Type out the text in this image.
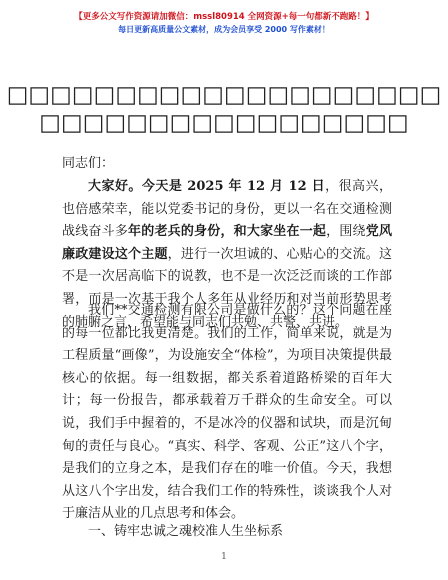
【更多公文写作资源请加微信：mssl80914 全网资源+每一句都新不跑路！】
每日更新高质量公文素材，成为会员享受 2000 写作素材！
□□□□□□□□□□□□□□□□□□□□
□□□□□□□□□□□□□□□□□
同志们：
大家好。今天是 2025 年 12 月 12 日，很高兴，也倍感荣幸，能以党委书记的身份，更以一名在交通检测战线奋斗多年的老兵的身份，和大家坐在一起，围绕党风廉政建设这个主题，进行一次坦诚的、心贴心的交流。这不是一次居高临下的说教，也不是一次泛泛而谈的工作部署，而是一次基于我个人多年从业经历和对当前形势思考的肺腑之言，希望能与同志们共勉、共警、共进。
我们**交通检测有限公司是做什么的？这个问题在座的每一位都比我更清楚。我们的工作，简单来说，就是为工程质量“画像”，为设施安全“体检”，为项目决策提供最核心的依据。每一组数据，都关系着道路桥梁的百年大计；每一份报告，都承载着万千群众的生命安全。可以说，我们手中握着的，不是冰冷的仪器和试块，而是沉甸甸的责任与良心。“真实、科学、客观、公正”这八个字，是我们的立身之本，是我们存在的唯一价值。今天，我想从这八个字出发，结合我们工作的特殊性，谈谈我个人对于廉洁从业的几点思考和体会。
一、铸牢忠诚之魂校准人生坐标系
1
